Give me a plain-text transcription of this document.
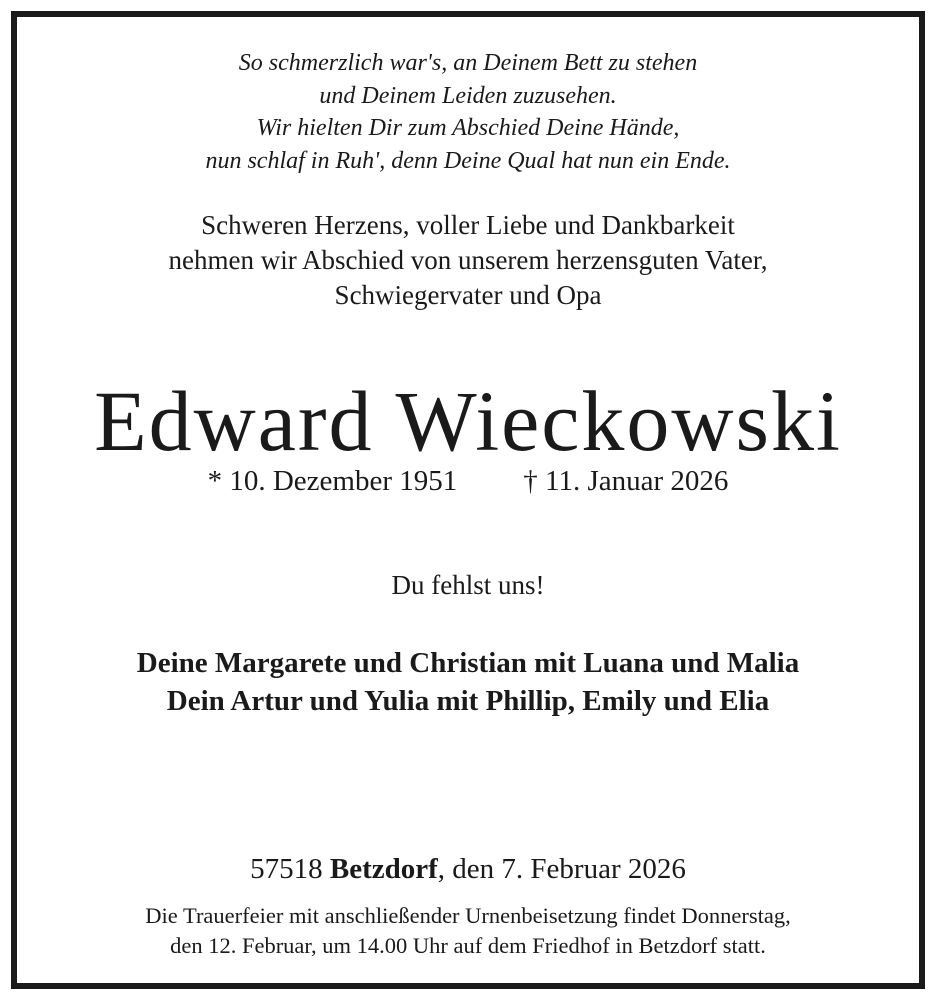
So schmerzlich war's, an Deinem Bett zu stehen
und Deinem Leiden zuzusehen.
Wir hielten Dir zum Abschied Deine Hände,
nun schlaf in Ruh', denn Deine Qual hat nun ein Ende.
Schweren Herzens, voller Liebe und Dankbarkeit
nehmen wir Abschied von unserem herzensguten Vater,
Schwiegervater und Opa
Edward Wieckowski
* 10. Dezember 1951 † 11. Januar 2026
Du fehlst uns!
Deine Margarete und Christian mit Luana und Malia
Dein Artur und Yulia mit Phillip, Emily und Elia
57518 Betzdorf, den 7. Februar 2026
Die Trauerfeier mit anschließender Urnenbeisetzung findet Donnerstag,
den 12. Februar, um 14.00 Uhr auf dem Friedhof in Betzdorf statt.
